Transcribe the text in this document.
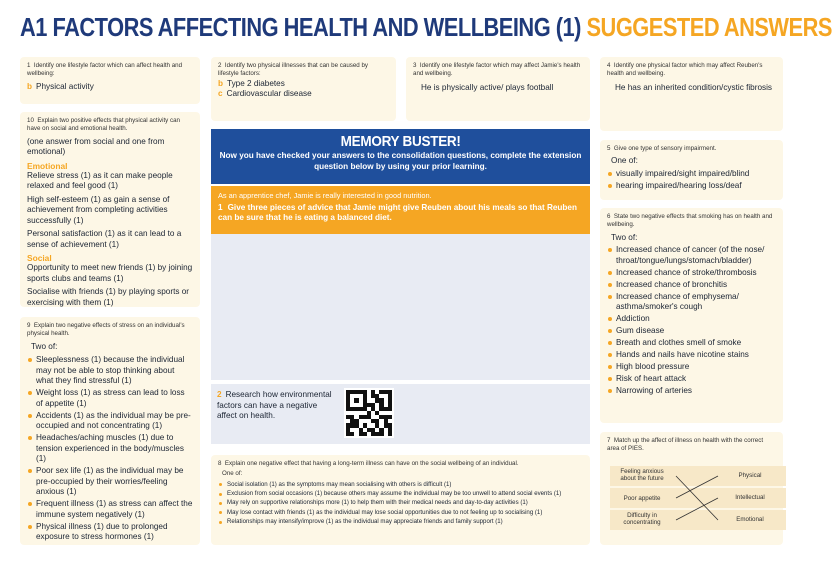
A1 FACTORS AFFECTING HEALTH AND WELLBEING (1) SUGGESTED ANSWERS
1 Identify one lifestyle factor which can affect health and wellbeing:
b Physical activity
2 Identify two physical illnesses that can be caused by lifestyle factors:
b Type 2 diabetes
c Cardiovascular disease
3 Identify one lifestyle factor which may affect Jamie's health and wellbeing.
He is physically active/ plays football
4 Identify one physical factor which may affect Reuben's health and wellbeing.
He has an inherited condition/cystic fibrosis
10 Explain two positive effects that physical activity can have on social and emotional health.
(one answer from social and one from emotional)
Emotional
Relieve stress (1) as it can make people relaxed and feel good (1)
High self-esteem (1) as gain a sense of achievement from completing activities successfully (1)
Personal satisfaction (1) as it can lead to a sense of achievement (1)
Social
Opportunity to meet new friends (1) by joining sports clubs and teams (1)
Socialise with friends (1) by playing sports or exercising with them (1)
9 Explain two negative effects of stress on an individual's physical health.
Two of:
Sleeplessness (1) because the individual may not be able to stop thinking about what they find stressful (1)
Weight loss (1) as stress can lead to loss of appetite (1)
Accidents (1) as the individual may be pre-occupied and not concentrating (1)
Headaches/aching muscles (1) due to tension experienced in the body/muscles (1)
Poor sex life (1) as the individual may be pre-occupied by their worries/feeling anxious (1)
Frequent illness (1) as stress can affect the immune system negatively (1)
Physical illness (1) due to prolonged exposure to stress hormones (1)
MEMORY BUSTER!

Now you have checked your answers to the consolidation questions, complete the extension question below by using your prior learning.

As an apprentice chef, Jamie is really interested in good nutrition.
1 Give three pieces of advice that Jamie might give Reuben about his meals so that Reuben can be sure that he is eating a balanced diet.
2 Research how environmental factors can have a negative affect on health.
8 Explain one negative effect that having a long-term illness can have on the social wellbeing of an individual.
One of:
Social isolation (1) as the symptoms may mean socialising with others is difficult (1)
Exclusion from social occasions (1) because others may assume the individual may be too unwell to attend social events (1)
May rely on supportive relationships more (1) to help them with their medical needs and day-to-day activities (1)
May lose contact with friends (1) as the individual may lose social opportunities due to not feeling up to socialising (1)
Relationships may intensify/improve (1) as the individual may appreciate friends and family support (1)
5 Give one type of sensory impairment.
One of:
visually impaired/sight impaired/blind
hearing impaired/hearing loss/deaf
6 State two negative effects that smoking has on health and wellbeing.
Two of:
Increased chance of cancer (of the nose/ throat/tongue/lungs/stomach/bladder)
Increased chance of stroke/thrombosis
Increased chance of bronchitis
Increased chance of emphysema/ asthma/smoker's cough
Addiction
Gum disease
Breath and clothes smell of smoke
Hands and nails have nicotine stains
High blood pressure
Risk of heart attack
Narrowing of arteries
7 Match up the affect of illness on health with the correct area of PIES.
Feeling anxious about the future
Poor appetite
Difficulty in concentrating
Physical
Intellectual
Emotional
